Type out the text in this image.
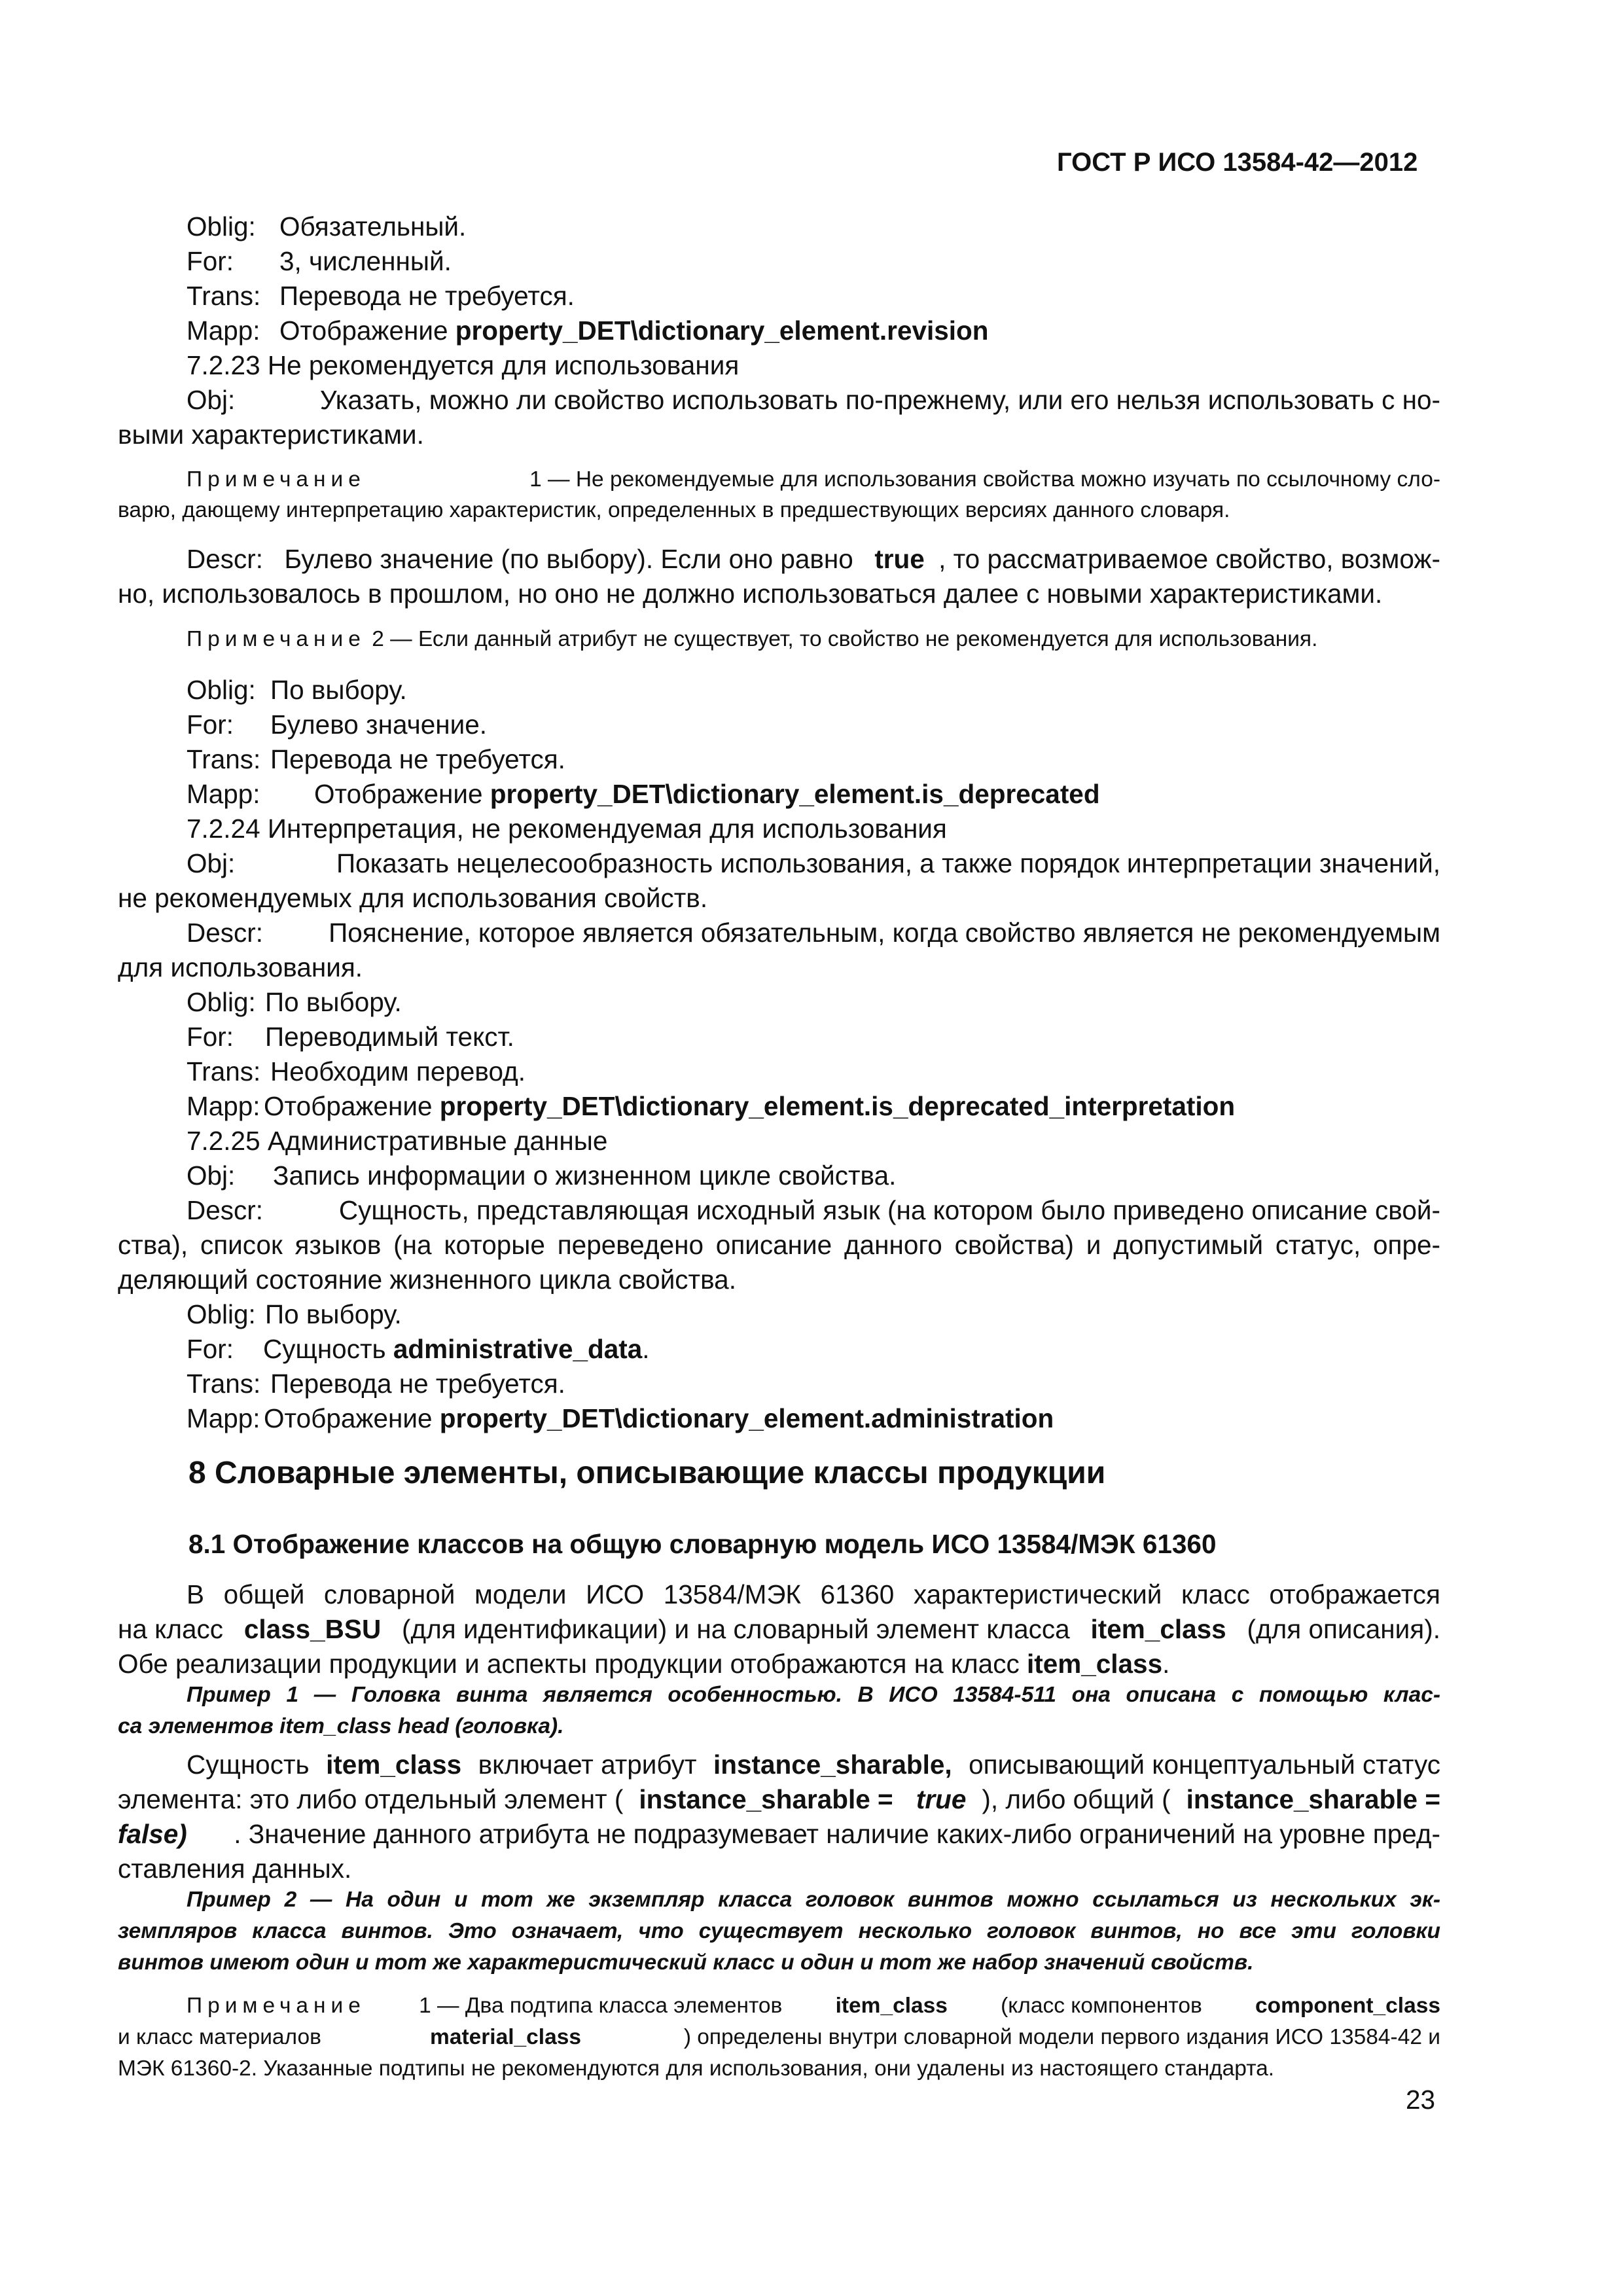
ГОСТ Р ИСО 13584-42—2012
Oblig: Обязательный.
For: 3, численный.
Trans: Перевода не требуется.
Mapp: Отображение property_DET\dictionary_element.revision
7.2.23 Не рекомендуется для использования
Obj:	Указать, можно ли свойство использовать по-прежнему, или его нельзя использовать с но-
выми характеристиками.
Примечание	1 — Не рекомендуемые для использования свойства можно изучать по ссылочному сло-
варю, дающему интерпретацию характеристик, определенных в предшествующих версиях данного словаря.
Descr: Булево значение (по выбору). Если оно равно true , то рассматриваемое свойство, возмож-
но, использовалось в прошлом, но оно не должно использоваться далее с новыми характеристиками.
Примечание 2 — Если данный атрибут не существует, то свойство не рекомендуется для использования.
Oblig: По выбору.
For: Булево значение.
Trans: Перевода не требуется.
Mapp: Отображение property_DET\dictionary_element.is_deprecated
7.2.24 Интерпретация, не рекомендуемая для использования
Obj:	Показать нецелесообразность использования, а также порядок интерпретации значений,
не рекомендуемых для использования свойств.
Descr: Пояснение, которое является обязательным, когда свойство является не рекомендуемым
для использования.
Oblig: По выбору.
For: Переводимый текст.
Trans: Необходим перевод.
Mapp: Отображение property_DET\dictionary_element.is_deprecated_interpretation
7.2.25 Административные данные
Obj: Запись информации о жизненном цикле свойства.
Descr:	Сущность, представляющая исходный язык (на котором было приведено описание свой-
ства), список языков (на которые переведено описание данного свойства) и допустимый статус, опре-
деляющий состояние жизненного цикла свойства.
Oblig: По выбору.
For: Сущность administrative_data.
Trans: Перевода не требуется.
Mapp: Отображение property_DET\dictionary_element.administration
8 Словарные элементы, описывающие классы продукции
8.1 Отображение классов на общую словарную модель ИСО 13584/МЭК 61360
В общей словарной модели ИСО 13584/МЭК 61360 характеристический класс отображается
на класс class_BSU (для идентификации) и на словарный элемент класса item_class (для описания).
Обе реализации продукции и аспекты продукции отображаются на класс item_class.
Пример 1 — Головка винта является особенностью. В ИСО 13584-511 она описана с помощью клас-
са элементов item_class head (головка).
Сущность item_class включает атрибут instance_sharable, описывающий концептуальный статус
элемента: это либо отдельный элемент ( instance_sharable = true ), либо общий ( instance_sharable =
false) . Значение данного атрибута не подразумевает наличие каких-либо ограничений на уровне пред-
ставления данных.
Пример 2 — На один и тот же экземпляр класса головок винтов можно ссылаться из нескольких эк-
земпляров класса винтов. Это означает, что существует несколько головок винтов, но все эти головки
винтов имеют один и тот же характеристический класс и один и тот же набор значений свойств.
Примечание 1 — Два подтипа класса элементов item_class (класс компонентов component_class
и класс материалов	material_class	) определены внутри словарной модели первого издания ИСО 13584-42 и
МЭК 61360-2. Указанные подтипы не рекомендуются для использования, они удалены из настоящего стандарта.
23
